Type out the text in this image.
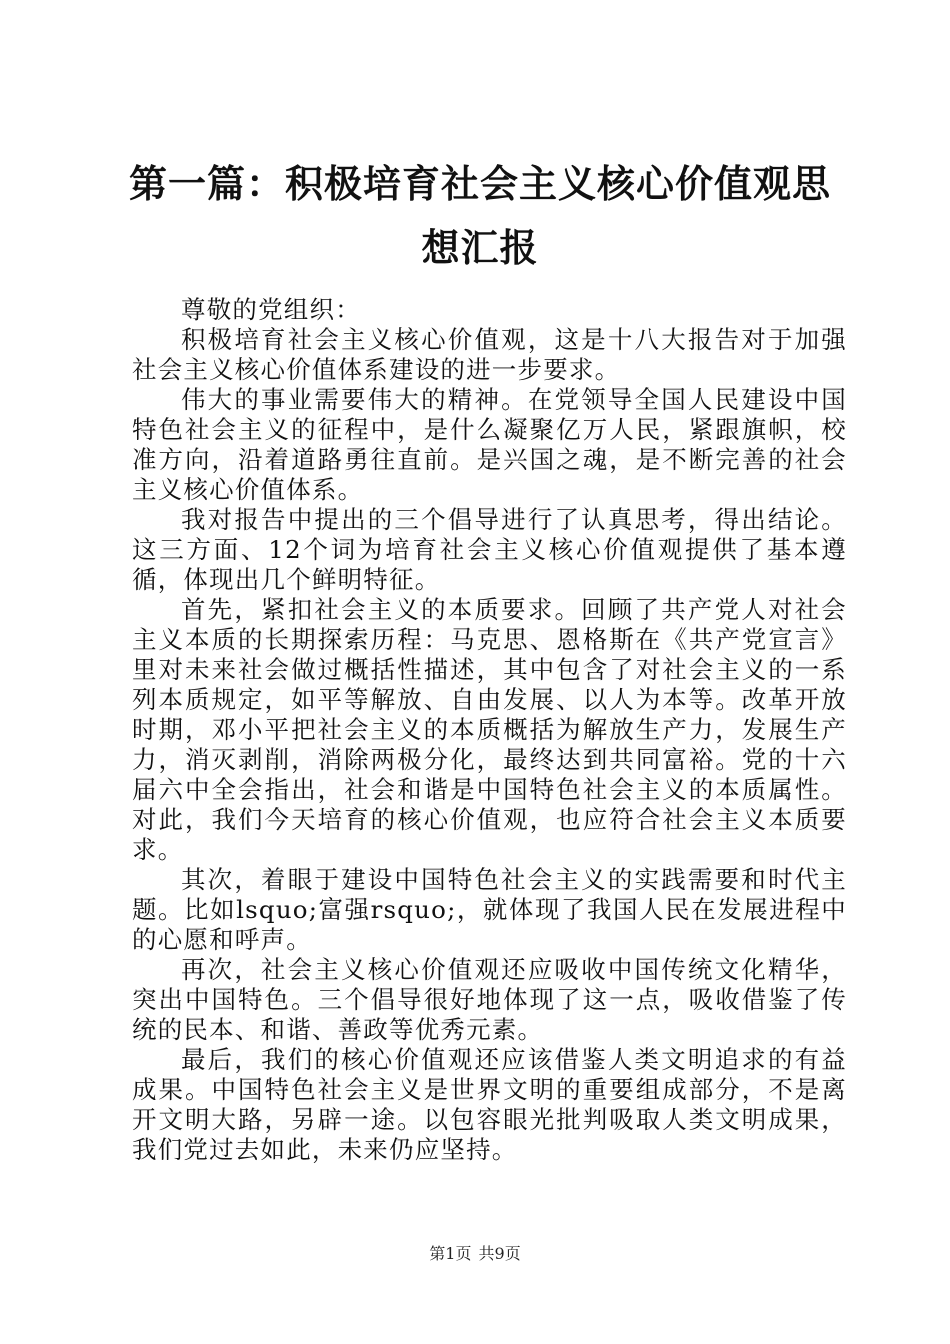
第一篇：积极培育社会主义核心价值观思想汇报

尊敬的党组织：

积极培育社会主义核心价值观，这是十八大报告对于加强社会主义核心价值体系建设的进一步要求。

伟大的事业需要伟大的精神。在党领导全国人民建设中国特色社会主义的征程中，是什么凝聚亿万人民，紧跟旗帜，校准方向，沿着道路勇往直前。是兴国之魂，是不断完善的社会主义核心价值体系。

我对报告中提出的三个倡导进行了认真思考，得出结论。这三方面、12个词为培育社会主义核心价值观提供了基本遵循，体现出几个鲜明特征。

首先，紧扣社会主义的本质要求。回顾了共产党人对社会主义本质的长期探索历程：马克思、恩格斯在《共产党宣言》里对未来社会做过概括性描述，其中包含了对社会主义的一系列本质规定，如平等解放、自由发展、以人为本等。改革开放时期，邓小平把社会主义的本质概括为解放生产力，发展生产力，消灭剥削，消除两极分化，最终达到共同富裕。党的十六届六中全会指出，社会和谐是中国特色社会主义的本质属性。对此，我们今天培育的核心价值观，也应符合社会主义本质要求。

其次，着眼于建设中国特色社会主义的实践需要和时代主题。比如lsquo;富强rsquo;，就体现了我国人民在发展进程中的心愿和呼声。

再次，社会主义核心价值观还应吸收中国传统文化精华，突出中国特色。三个倡导很好地体现了这一点，吸收借鉴了传统的民本、和谐、善政等优秀元素。

最后，我们的核心价值观还应该借鉴人类文明追求的有益成果。中国特色社会主义是世界文明的重要组成部分，不是离开文明大路，另辟一途。以包容眼光批判吸取人类文明成果，我们党过去如此，未来仍应坚持。

第1页 共9页
